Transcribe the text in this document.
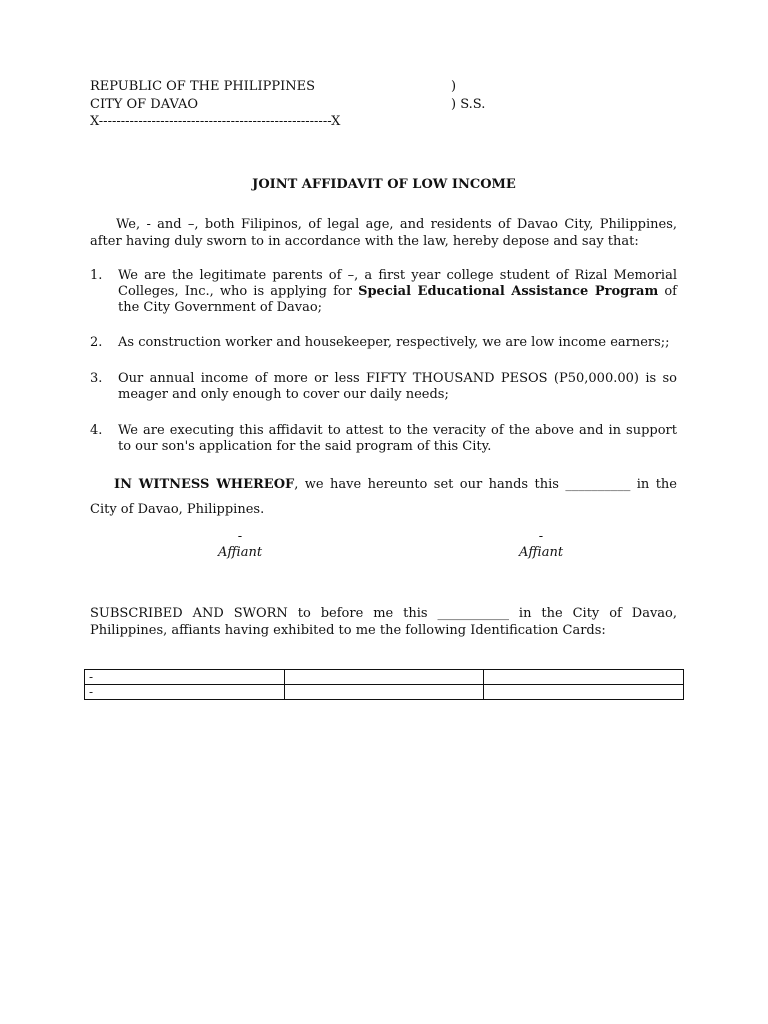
REPUBLIC OF THE PHILIPPINES	)
CITY OF DAVAO	) S.S.
X-----------------------------------------------------X
JOINT AFFIDAVIT OF LOW INCOME
We, - and –, both Filipinos, of legal age, and residents of Davao City, Philippines, after having duly sworn to in accordance with the law, hereby depose and say that:
1. We are the legitimate parents of –, a first year college student of Rizal Memorial Colleges, Inc., who is applying for Special Educational Assistance Program of the City Government of Davao;
2. As construction worker and housekeeper, respectively, we are low income earners;;
3. Our annual income of more or less FIFTY THOUSAND PESOS (P50,000.00) is so meager and only enough to cover our daily needs;
4. We are executing this affidavit to attest to the veracity of the above and in support to our son's application for the said program of this City.
IN WITNESS WHEREOF, we have hereunto set our hands this __________ in the City of Davao, Philippines.
-
Affiant
-
Affiant
SUBSCRIBED AND SWORN to before me this ___________ in the City of Davao, Philippines, affiants having exhibited to me the following Identification Cards:
-		
-		
